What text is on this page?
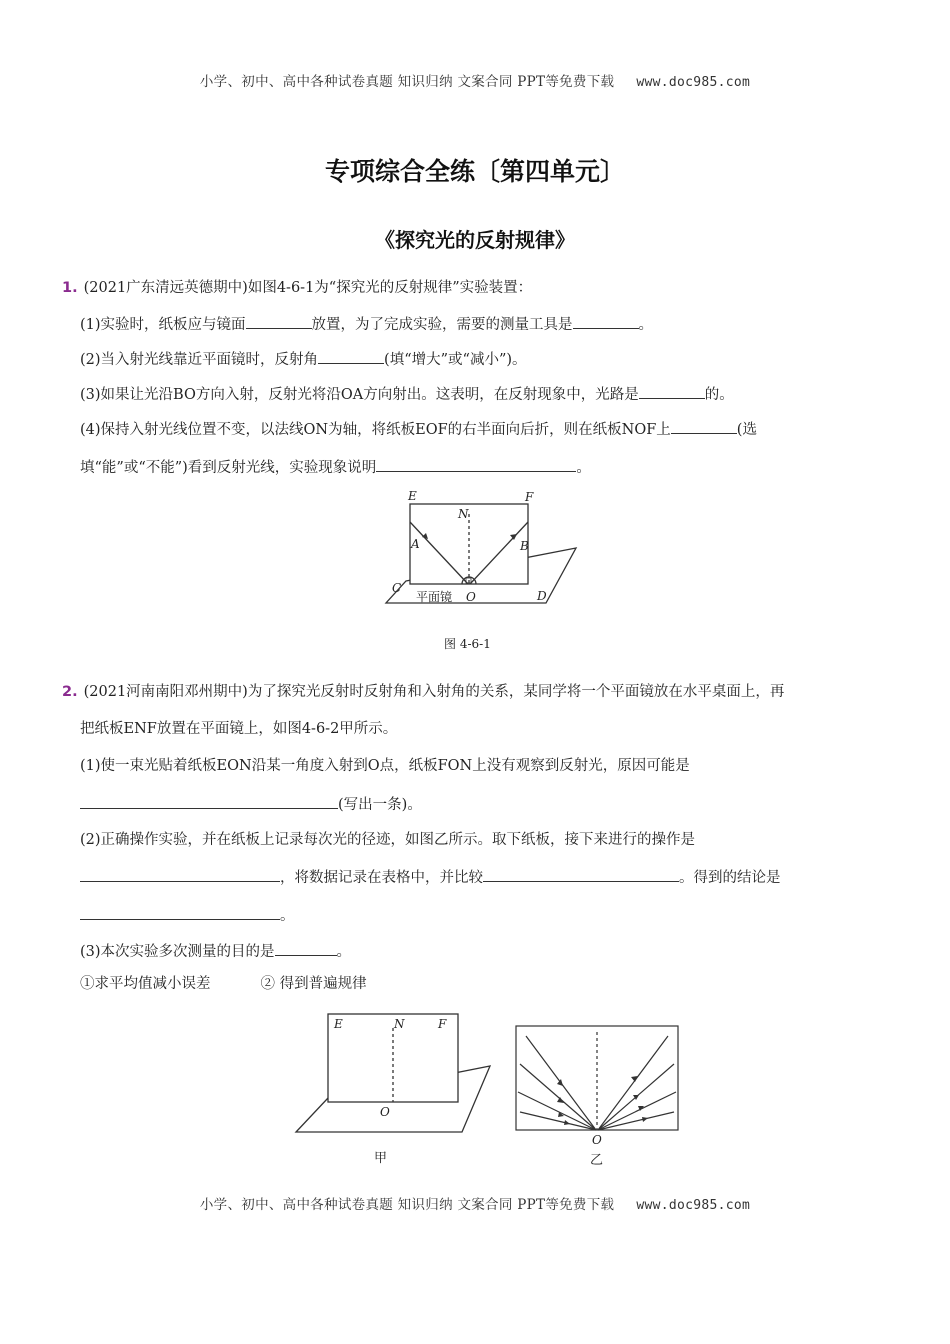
小学、初中、高中各种试卷真题 知识归纳 文案合同 PPT等免费下载 www.doc985.com
专项综合全练〔第四单元〕
《探究光的反射规律》
1. (2021广东清远英德期中)如图4-6-1为“探究光的反射规律”实验装置：
(1)实验时，纸板应与镜面	放置，为了完成实验，需要的测量工具是	。
(2)当入射光线靠近平面镜时，反射角	(填“增大”或“减小”)。
(3)如果让光沿BO方向入射，反射光将沿OA方向射出。这表明，在反射现象中，光路是	的。
(4)保持入射光线位置不变，以法线ON为轴，将纸板EOF的右半面向后折，则在纸板NOF上	(选
填“能”或“不能”)看到反射光线，实验现象说明	。
E	F
N
A	B
C
D
O
平面镜
图 4-6-1
2. (2021河南南阳邓州期中)为了探究光反射时反射角和入射角的关系，某同学将一个平面镜放在水平桌面上，再
把纸板ENF放置在平面镜上，如图4-6-2甲所示。
(1)使一束光贴着纸板EON沿某一角度入射到O点，纸板FON上没有观察到反射光，原因可能是
(写出一条)。
(2)正确操作实验，并在纸板上记录每次光的径迹，如图乙所示。取下纸板，接下来进行的操作是
，将数据记录在表格中，并比较	。得到的结论是
。
(3)本次实验多次测量的目的是	。
①求平均值减小误差	② 得到普遍规律
E	N	F
O
甲
O
乙
小学、初中、高中各种试卷真题 知识归纳 文案合同 PPT等免费下载 www.doc985.com
